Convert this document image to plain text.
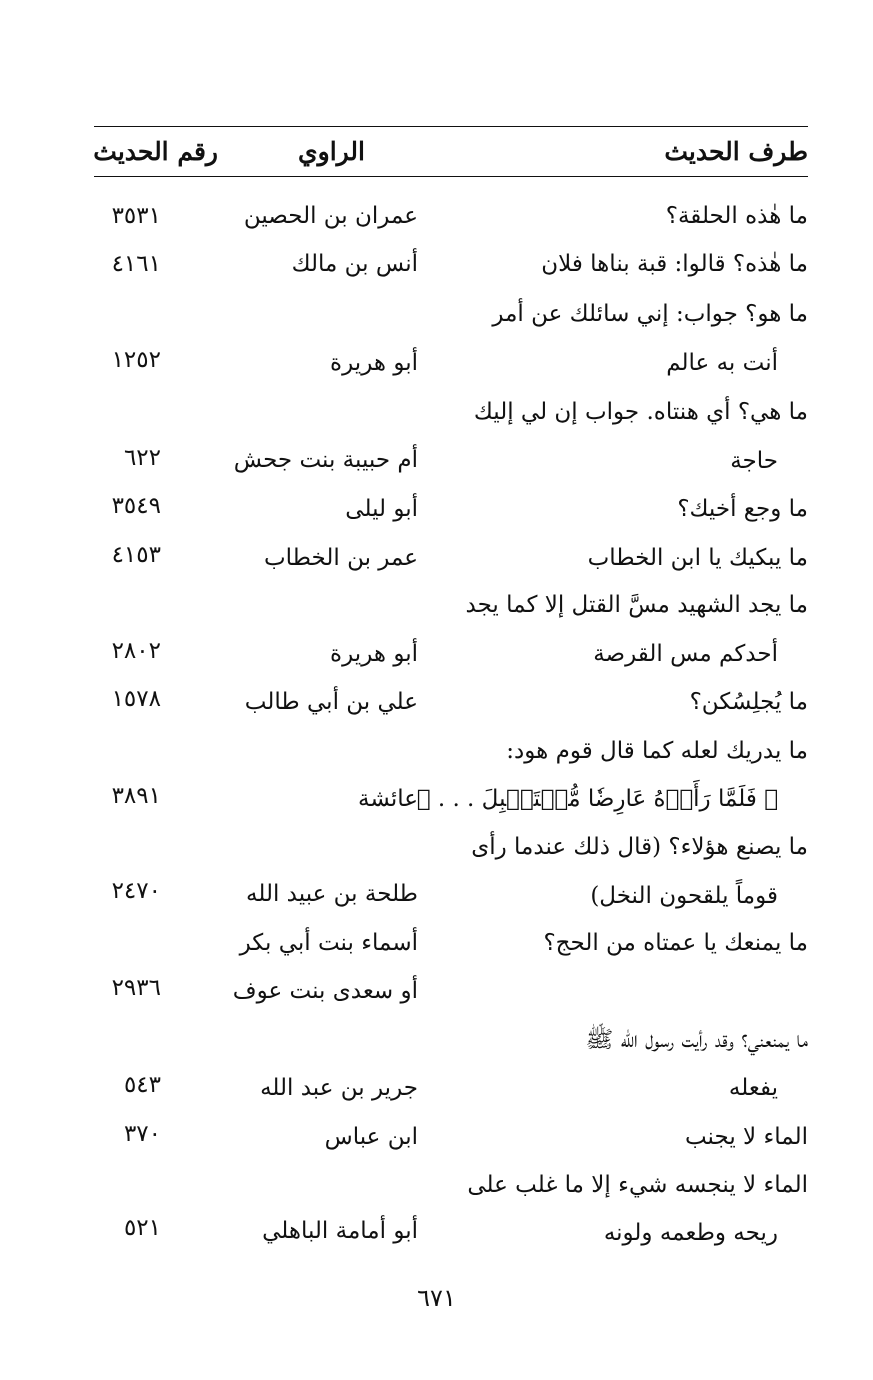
طرف الحديث
الراوي
رقم الحديث
ما هٰذه الحلقة؟
عمران بن الحصين
٣٥٣١
ما هٰذه؟ قالوا: قبة بناها فلان
أنس بن مالك
٤١٦١
ما هو؟ جواب: إني سائلك عن أمر
أنت به عالم
أبو هريرة
١٢٥٢
ما هي؟ أي هنتاه. جواب إن لي إليك
حاجة
أم حبيبة بنت جحش
٦٢٢
ما وجع أخيك؟
أبو ليلى
٣٥٤٩
ما يبكيك يا ابن الخطاب
عمر بن الخطاب
٤١٥٣
ما يجد الشهيد مسَّ القتل إلا كما يجد
أحدكم مس القرصة
أبو هريرة
٢٨٠٢
ما يُجلِسُكن؟
علي بن أبي طالب
١٥٧٨
ما يدريك لعله كما قال قوم هود:
﴿ فَلَمَّا رَأَوۡهُ عَارِضٗا مُّسۡتَقۡبِلَ . . . ﴾
عائشة
٣٨٩١
ما يصنع هؤلاء؟ (قال ذلك عندما رأى
قوماً يلقحون النخل)
طلحة بن عبيد الله
٢٤٧٠
ما يمنعك يا عمتاه من الحج؟
أسماء بنت أبي بكر
أو سعدى بنت عوف
٢٩٣٦
ما يمنعني؟ وقد رأيت رسول الله ﷺ
يفعله
جرير بن عبد الله
٥٤٣
الماء لا يجنب
ابن عباس
٣٧٠
الماء لا ينجسه شيء إلا ما غلب على
ريحه وطعمه ولونه
أبو أمامة الباهلي
٥٢١
٦٧١
